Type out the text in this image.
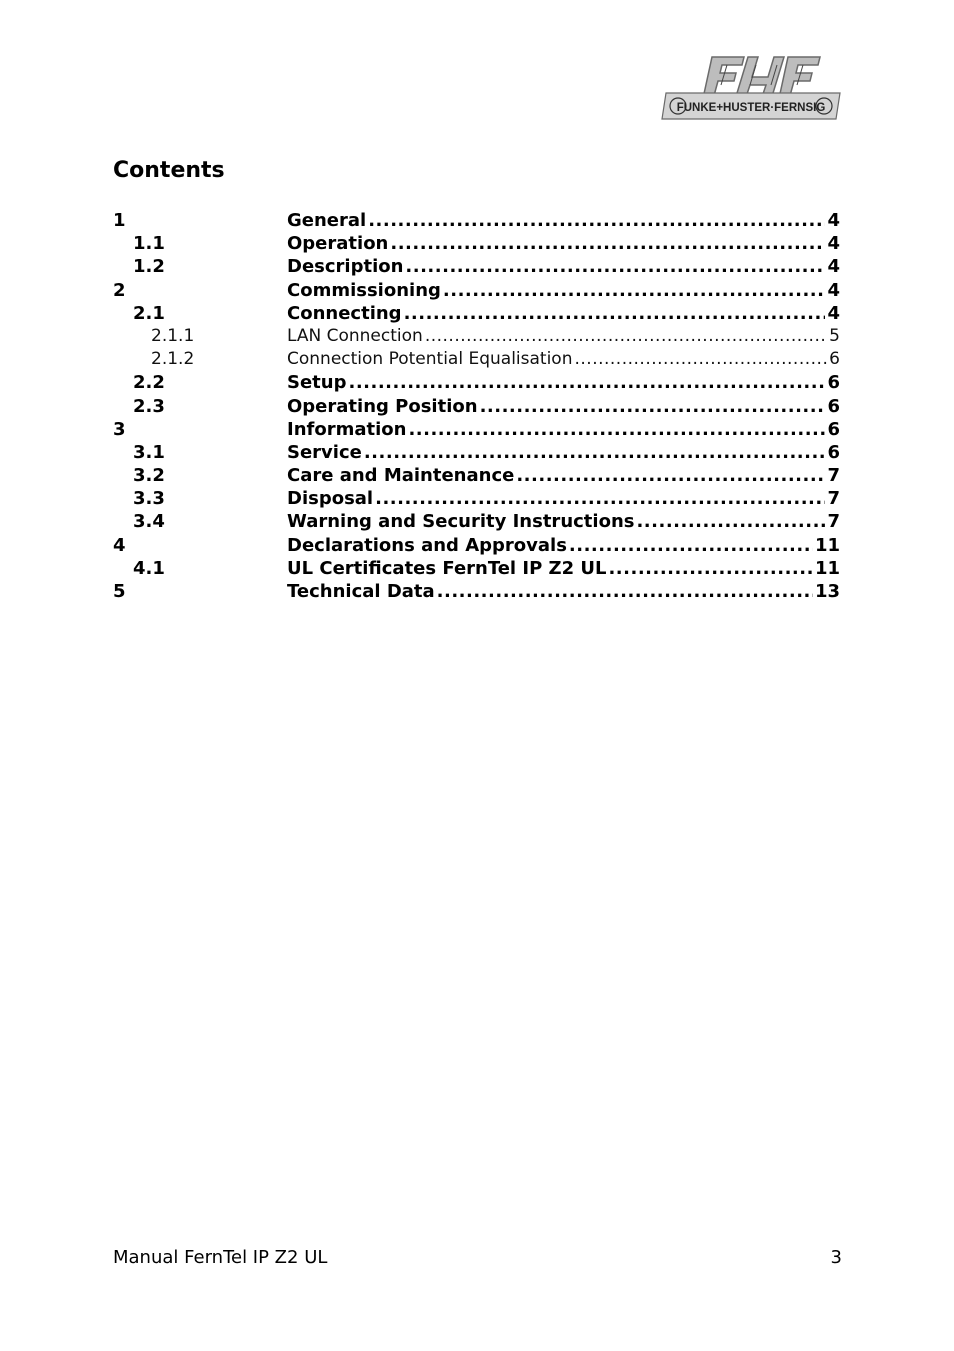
FUNKE+HUSTER·FERNSIG
Contents
1	General .....	4
1.1	Operation .....	4
1.2	Description .....	4
2	Commissioning .....	4
2.1	Connecting .....	4
2.1.1	LAN Connection .....	5
2.1.2	Connection Potential Equalisation .....	6
2.2	Setup .....	6
2.3	Operating Position .....	6
3	Information .....	6
3.1	Service .....	6
3.2	Care and Maintenance .....	7
3.3	Disposal .....	7
3.4	Warning and Security Instructions .....	7
4	Declarations and Approvals .....	11
4.1	UL Certificates FernTel IP Z2 UL .....	11
5	Technical Data .....	13
Manual FernTel IP Z2 UL	3
